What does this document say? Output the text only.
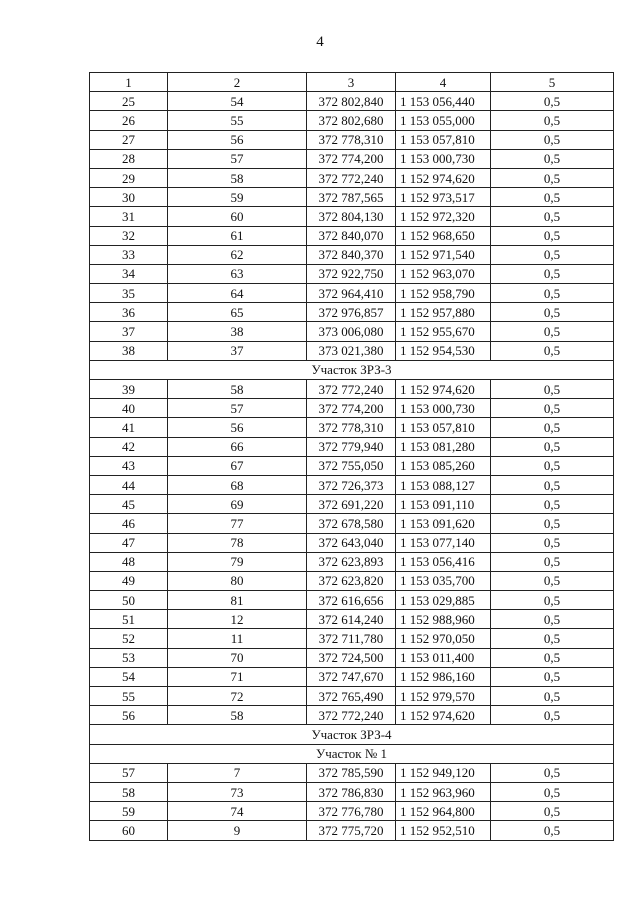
4
1	2	3	4	5
25	54	372 802,840	1 153 056,440	0,5
26	55	372 802,680	1 153 055,000	0,5
27	56	372 778,310	1 153 057,810	0,5
28	57	372 774,200	1 153 000,730	0,5
29	58	372 772,240	1 152 974,620	0,5
30	59	372 787,565	1 152 973,517	0,5
31	60	372 804,130	1 152 972,320	0,5
32	61	372 840,070	1 152 968,650	0,5
33	62	372 840,370	1 152 971,540	0,5
34	63	372 922,750	1 152 963,070	0,5
35	64	372 964,410	1 152 958,790	0,5
36	65	372 976,857	1 152 957,880	0,5
37	38	373 006,080	1 152 955,670	0,5
38	37	373 021,380	1 152 954,530	0,5
Участок ЗРЗ-3				
39	58	372 772,240	1 152 974,620	0,5
40	57	372 774,200	1 153 000,730	0,5
41	56	372 778,310	1 153 057,810	0,5
42	66	372 779,940	1 153 081,280	0,5
43	67	372 755,050	1 153 085,260	0,5
44	68	372 726,373	1 153 088,127	0,5
45	69	372 691,220	1 153 091,110	0,5
46	77	372 678,580	1 153 091,620	0,5
47	78	372 643,040	1 153 077,140	0,5
48	79	372 623,893	1 153 056,416	0,5
49	80	372 623,820	1 153 035,700	0,5
50	81	372 616,656	1 153 029,885	0,5
51	12	372 614,240	1 152 988,960	0,5
52	11	372 711,780	1 152 970,050	0,5
53	70	372 724,500	1 153 011,400	0,5
54	71	372 747,670	1 152 986,160	0,5
55	72	372 765,490	1 152 979,570	0,5
56	58	372 772,240	1 152 974,620	0,5
Участок ЗРЗ-4				
Участок № 1				
57	7	372 785,590	1 152 949,120	0,5
58	73	372 786,830	1 152 963,960	0,5
59	74	372 776,780	1 152 964,800	0,5
60	9	372 775,720	1 152 952,510	0,5
